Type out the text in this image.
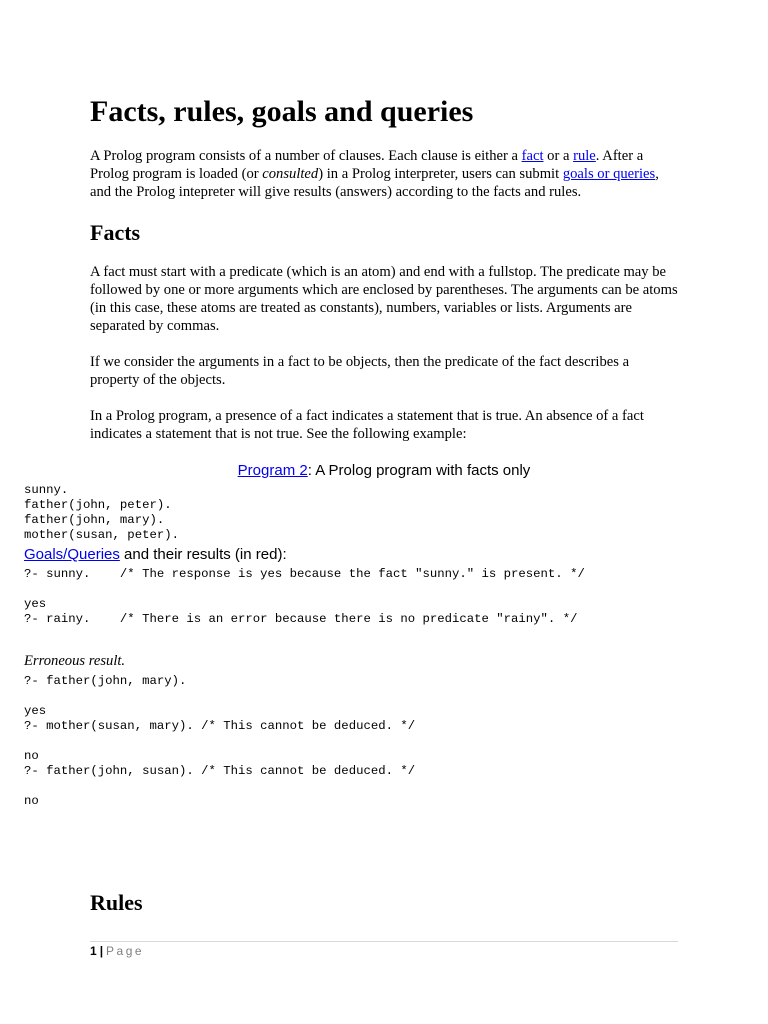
Facts, rules, goals and queries

A Prolog program consists of a number of clauses. Each clause is either a fact or a rule. After a Prolog program is loaded (or consulted) in a Prolog interpreter, users can submit goals or queries, and the Prolog intepreter will give results (answers) according to the facts and rules.

Facts

A fact must start with a predicate (which is an atom) and end with a fullstop. The predicate may be followed by one or more arguments which are enclosed by parentheses. The arguments can be atoms (in this case, these atoms are treated as constants), numbers, variables or lists. Arguments are separated by commas.

If we consider the arguments in a fact to be objects, then the predicate of the fact describes a property of the objects.

In a Prolog program, a presence of a fact indicates a statement that is true. An absence of a fact indicates a statement that is not true. See the following example:

Program 2: A Prolog program with facts only
sunny.
father(john, peter).
father(john, mary).
mother(susan, peter).
Goals/Queries and their results (in red):
?- sunny.    /* The response is yes because the fact "sunny." is present. */

yes
?- rainy.    /* There is an error because there is no predicate "rainy". */
Erroneous result.
?- father(john, mary).

yes
?- mother(susan, mary). /* This cannot be deduced. */

no
?- father(john, susan). /* This cannot be deduced. */

no
Rules
1 | Page
